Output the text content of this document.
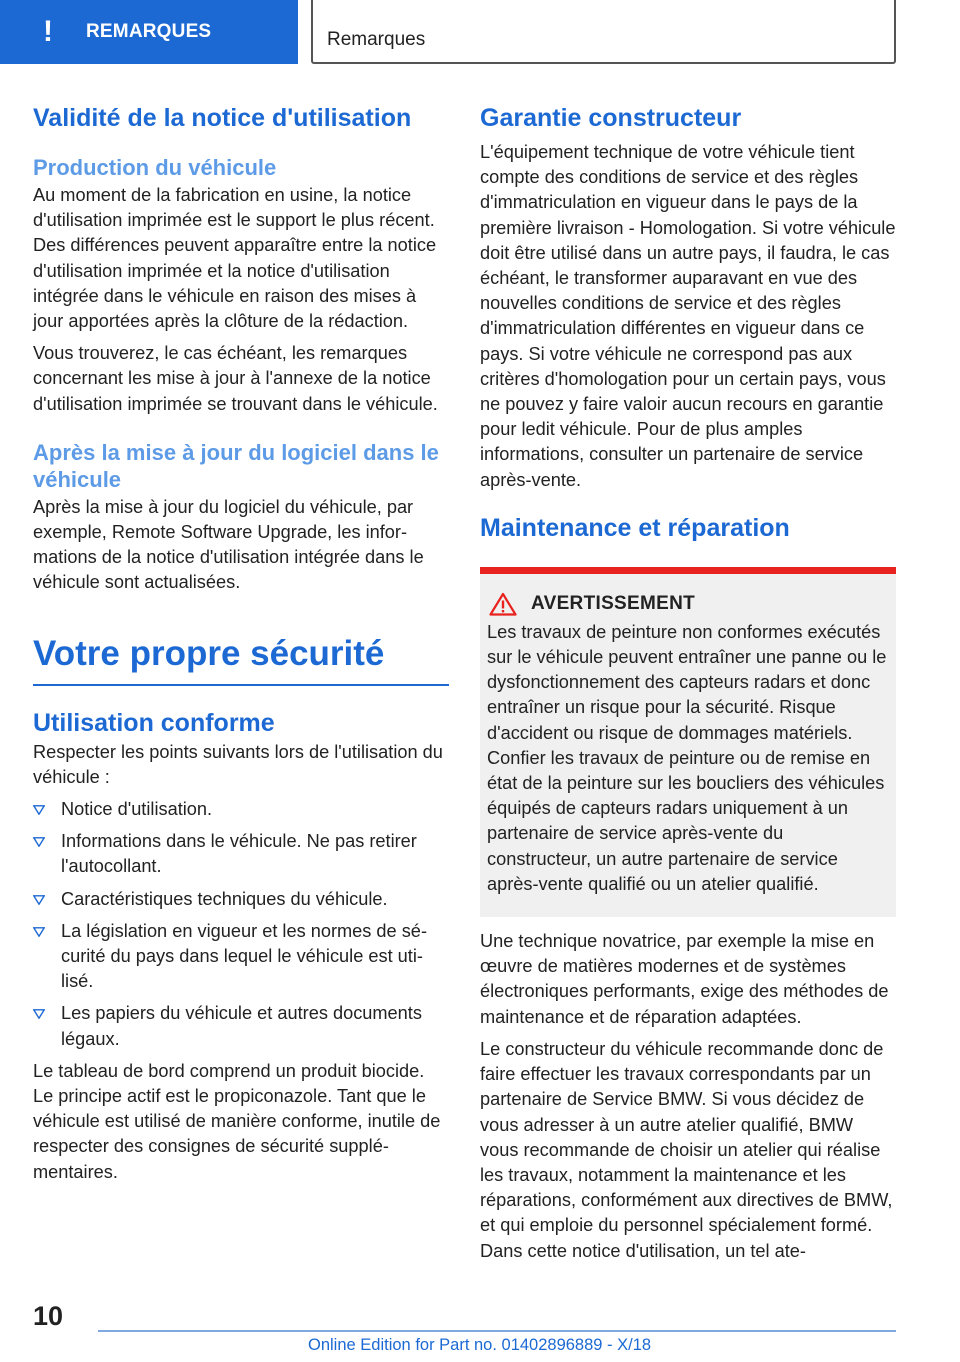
!	REMARQUES	Remarques
Validité de la notice d'utilisation
Production du véhicule

Au moment de la fabrication en usine, la notice d'utilisation imprimée est le support le plus récent. Des différences peuvent apparaître entre la notice d'utilisation imprimée et la notice d'utilisation intégrée dans le véhicule en raison des mises à jour apportées après la clôture de la rédaction.

Vous trouverez, le cas échéant, les remarques concernant les mise à jour à l'annexe de la notice d'utilisation imprimée se trouvant dans le véhicule.

Après la mise à jour du logiciel dans le véhicule

Après la mise à jour du logiciel du véhicule, par exemple, Remote Software Upgrade, les informations de la notice d'utilisation intégrée dans le véhicule sont actualisées.

Votre propre sécurité
Utilisation conforme

Respecter les points suivants lors de l'utilisation du véhicule :

Notice d'utilisation.
Informations dans le véhicule. Ne pas retirer l'autocollant.
Caractéristiques techniques du véhicule.
La législation en vigueur et les normes de sécurité du pays dans lequel le véhicule est utilisé.
Les papiers du véhicule et autres documents légaux.

Le tableau de bord comprend un produit biocide. Le principe actif est le propiconazole. Tant que le véhicule est utilisé de manière conforme, inutile de respecter des consignes de sécurité supplémentaires.

Garantie constructeur

L'équipement technique de votre véhicule tient compte des conditions de service et des règles d'immatriculation en vigueur dans le pays de la première livraison - Homologation. Si votre véhicule doit être utilisé dans un autre pays, il faudra, le cas échéant, le transformer auparavant en vue des nouvelles conditions de service et des règles d'immatriculation différentes en vigueur dans ce pays. Si votre véhicule ne correspond pas aux critères d'homologation pour un certain pays, vous ne pouvez y faire valoir aucun recours en garantie pour ledit véhicule. Pour de plus amples informations, consulter un partenaire de service après-vente.

Maintenance et réparation
AVERTISSEMENT

Les travaux de peinture non conformes exécutés sur le véhicule peuvent entraîner une panne ou le dysfonctionnement des capteurs radars et donc entraîner un risque pour la sécurité. Risque d'accident ou risque de dommages matériels. Confier les travaux de peinture ou de remise en état de la peinture sur les boucliers des véhicules équipés de capteurs radars uniquement à un partenaire de service après-vente du constructeur, un autre partenaire de service après-vente qualifié ou un atelier qualifié.

Une technique novatrice, par exemple la mise en œuvre de matières modernes et de systèmes électroniques performants, exige des méthodes de maintenance et de réparation adaptées.

Le constructeur du véhicule recommande donc de faire effectuer les travaux correspondants par un partenaire de Service BMW. Si vous décidez de vous adresser à un autre atelier qualifié, BMW vous recommande de choisir un atelier qui réalise les travaux, notamment la maintenance et les réparations, conformément aux directives de BMW, et qui emploie du personnel spécialement formé. Dans cette notice d'utilisation, un tel ate-

10
Online Edition for Part no. 01402896889 - X/18
